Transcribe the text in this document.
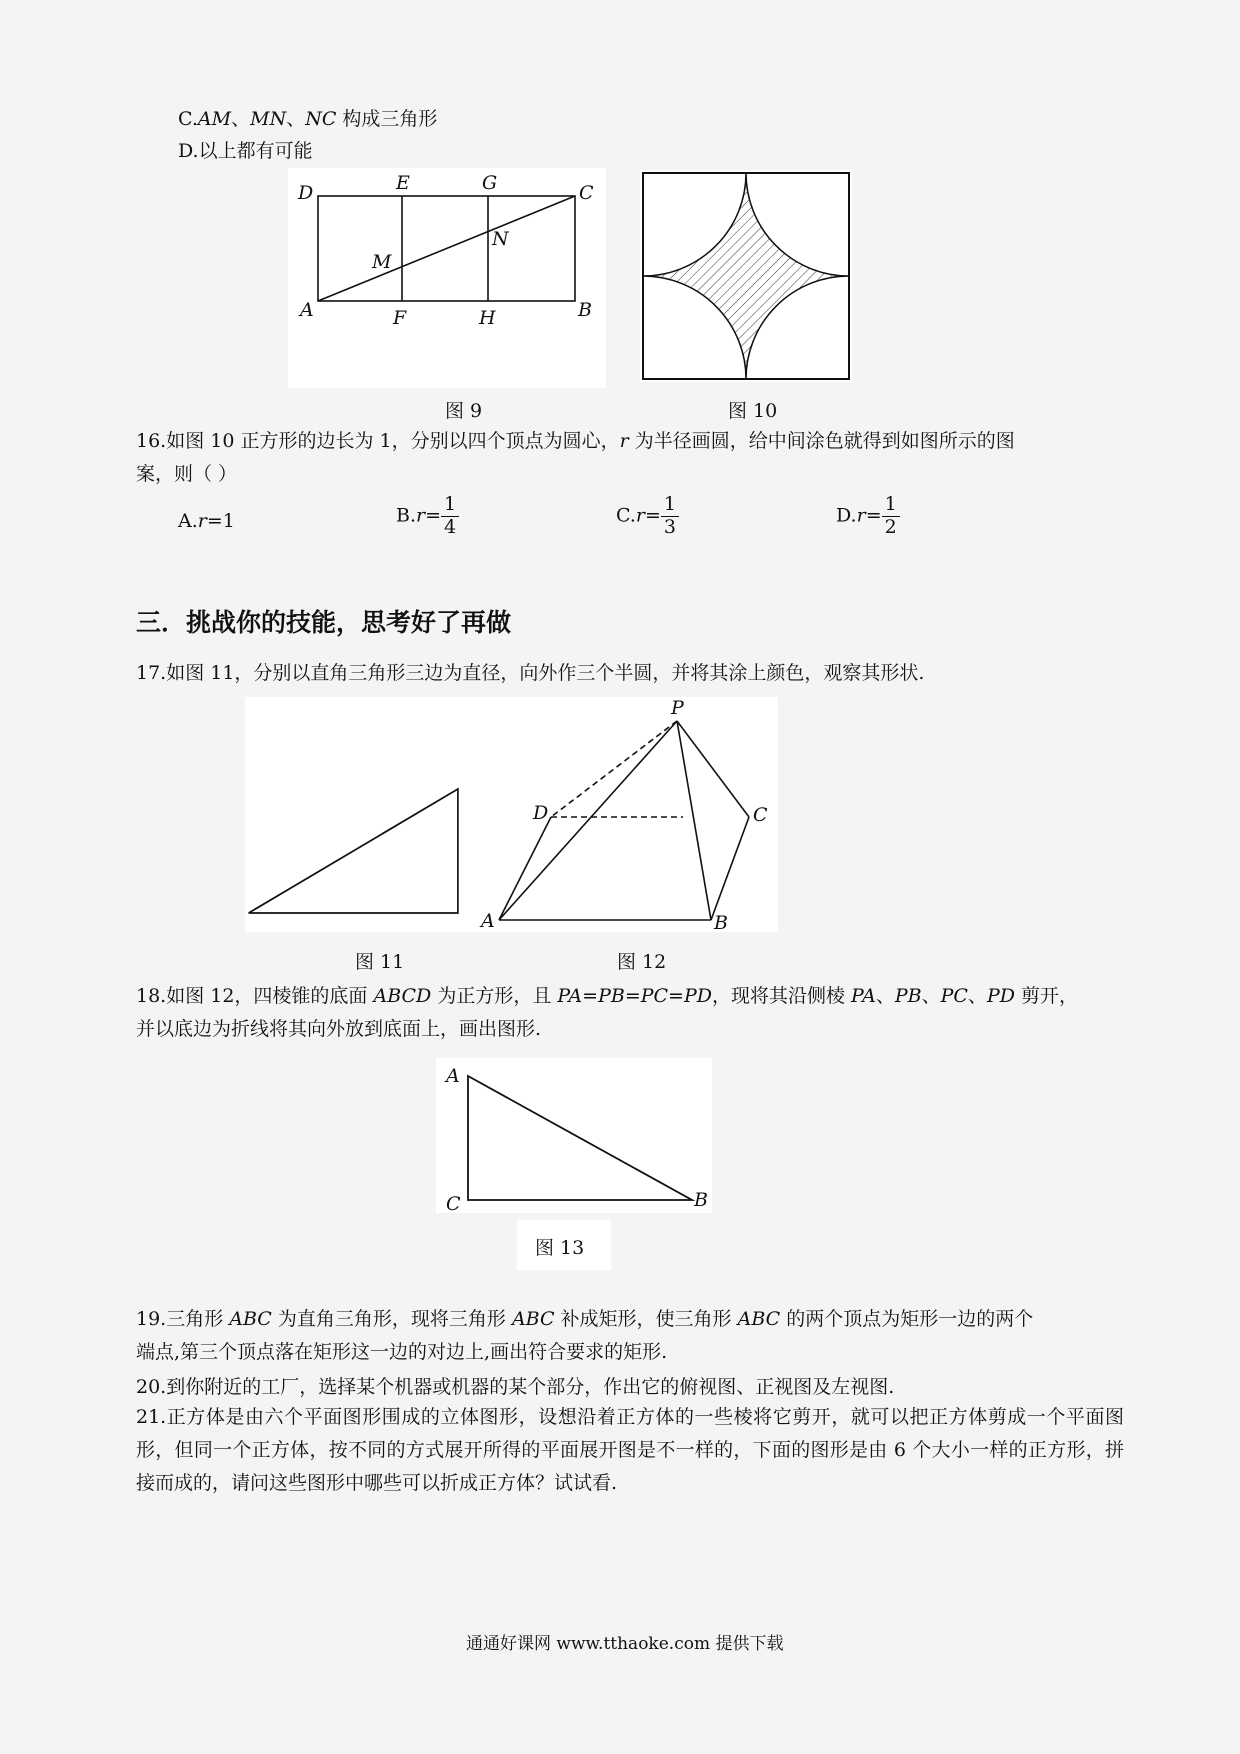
C.AM、MN、NC 构成三角形
D.以上都有可能
D	E	G	C
M
N
A	F	H	B
图 9	图 10
16.如图 10 正方形的边长为 1，分别以四个顶点为圆心，r 为半径画圆，给中间涂色就得到如图所示的图
案，则（ ）
A.r=1	$B.r= \frac{1}{4}$	$C.r= \frac{1}{3}$	$D.r= \frac{1}{2}$
三．挑战你的技能，思考好了再做
17.如图 11，分别以直角三角形三边为直径，向外作三个半圆，并将其涂上颜色，观察其形状.
P
D	C
A	B
图 11	图 12
18.如图 12，四棱锥的底面 ABCD 为正方形，且 PA=PB=PC=PD，现将其沿侧棱 PA、PB、PC、PD 剪开，
并以底边为折线将其向外放到底面上，画出图形.
A
C	B
图 13
19.三角形 ABC 为直角三角形，现将三角形 ABC 补成矩形，使三角形 ABC 的两个顶点为矩形一边的两个
端点,第三个顶点落在矩形这一边的对边上,画出符合要求的矩形.
20.到你附近的工厂，选择某个机器或机器的某个部分，作出它的俯视图、正视图及左视图.
21.正方体是由六个平面图形围成的立体图形，设想沿着正方体的一些棱将它剪开，就可以把正方体剪成一个平面图形，但同一个正方体，按不同的方式展开所得的平面展开图是不一样的，下面的图形是由 6 个大小一样的正方形，拼接而成的，请问这些图形中哪些可以折成正方体？试试看.
通通好课网 www.tthaoke.com 提供下载
